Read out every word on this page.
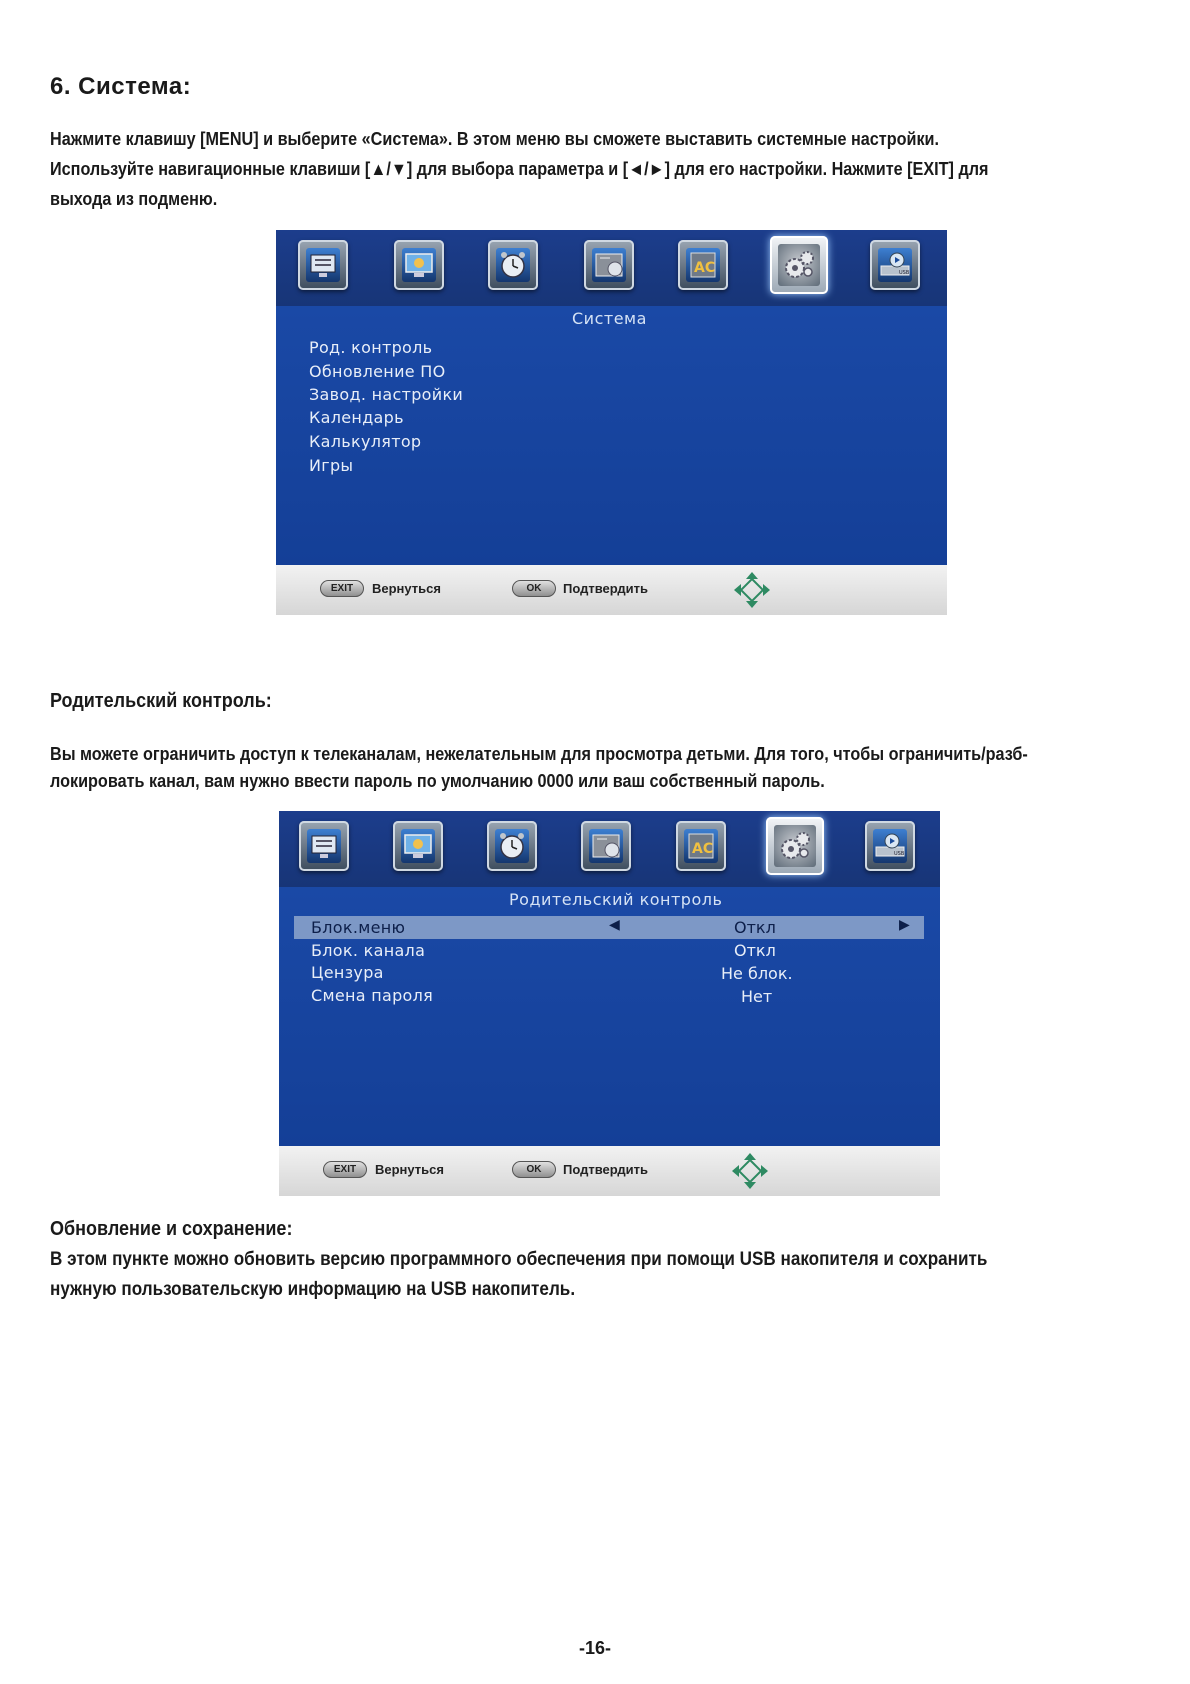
6. Система:
Нажмите клавишу [MENU] и выберите «Система». В этом меню вы сможете выставить системные настройки.
Используйте навигационные клавиши [▲/▼] для выбора параметра и [◄/►] для его настройки. Нажмите [EXIT] для
выхода из подменю.
AC	USB
Система
Род. контроль
Обновление ПО
Завод. настройки
Календарь
Калькулятор
Игры
EXIT	Вернуться	OK	Подтвердить
Родительский контроль:
Вы можете ограничить доступ к телеканалам, нежелательным для просмотра детьми. Для того, чтобы ограничить/разб-
локировать канал, вам нужно ввести пароль по умолчанию 0000 или ваш собственный пароль.
AC	USB
Родительский контроль
Блок.меню	◀	Откл	▶
Блок. канала	Откл
Цензура	Не блок.
Смена пароля	Нет
EXIT	Вернуться	OK	Подтвердить
Обновление и сохранение:
В этом пункте можно обновить версию программного обеспечения при помощи USB накопителя и сохранить
нужную пользовательскую информацию на USB накопитель.
-16-
